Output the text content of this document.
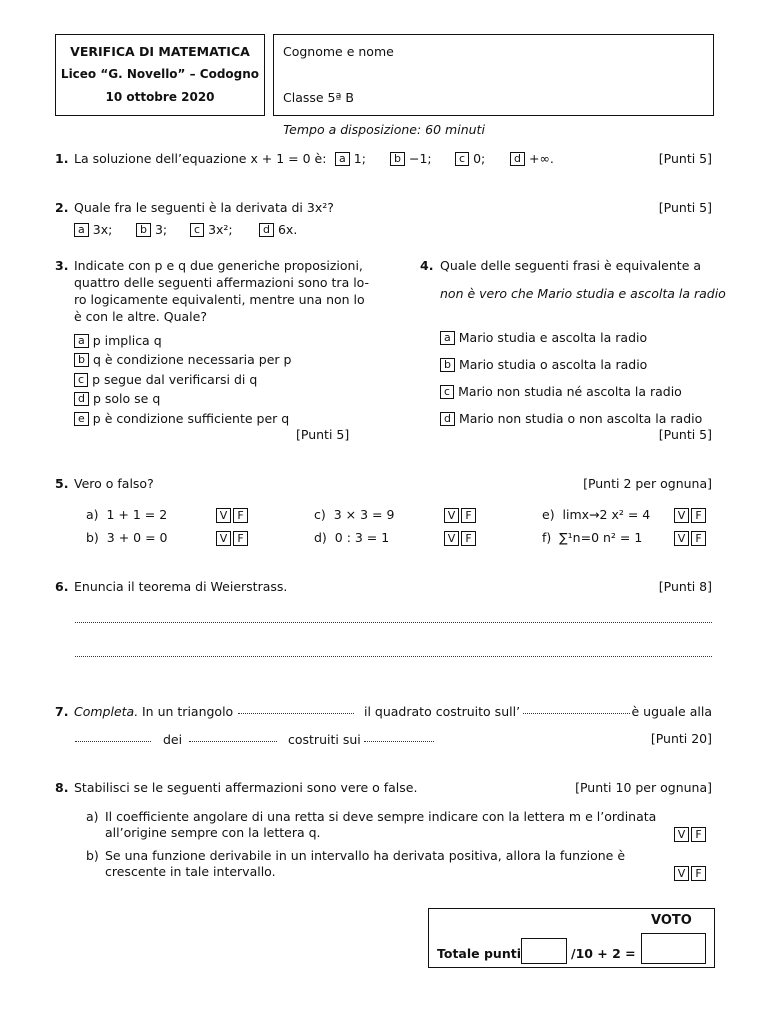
VERIFICA DI MATEMATICA
Liceo “G. Novello” – Codogno
10 ottobre 2020
Cognome e nome
Classe 5ª B
Tempo a disposizione: 60 minuti
1. La soluzione dell’equazione x + 1 = 0 è:	a 1;	b −1;	c 0;	d +∞.	[Punti 5]
2. Quale fra le seguenti è la derivata di 3x²?	[Punti 5]
a 3x;	b 3;	c 3x²;	d 6x.
3. Indicate con p e q due generiche proposizioni,
quattro delle seguenti affermazioni sono tra lo-
ro logicamente equivalenti, mentre una non lo
è con le altre. Quale?
a p implica q
b q è condizione necessaria per p
c p segue dal verificarsi di q
d p solo se q
e p è condizione sufficiente per q
[Punti 5]
4. Quale delle seguenti frasi è equivalente a
non è vero che Mario studia e ascolta la radio
a Mario studia e ascolta la radio
b Mario studia o ascolta la radio
c Mario non studia né ascolta la radio
d Mario non studia o non ascolta la radio
[Punti 5]
5. Vero o falso?	[Punti 2 per ognuna]
a) 1 + 1 = 2	V F
b) 3 + 0 = 0	V F
c) 3 × 3 = 9	V F
d) 0 : 3 = 1	V F
e) limx→2 x² = 4	V F
f) ∑¹n=0 n² = 1	V F
6. Enuncia il teorema di Weierstrass.	[Punti 8]
7. Completa. In un triangolo	il quadrato costruito sull’	è uguale alla
dei	costruiti sui	[Punti 20]
8. Stabilisci se le seguenti affermazioni sono vere o false.	[Punti 10 per ognuna]
a) Il coefficiente angolare di una retta si deve sempre indicare con la lettera m e l’ordinata
all’origine sempre con la lettera q.	V F
b) Se una funzione derivabile in un intervallo ha derivata positiva, allora la funzione è
crescente in tale intervallo.	V F
VOTO
Totale punti	/10 + 2 =
